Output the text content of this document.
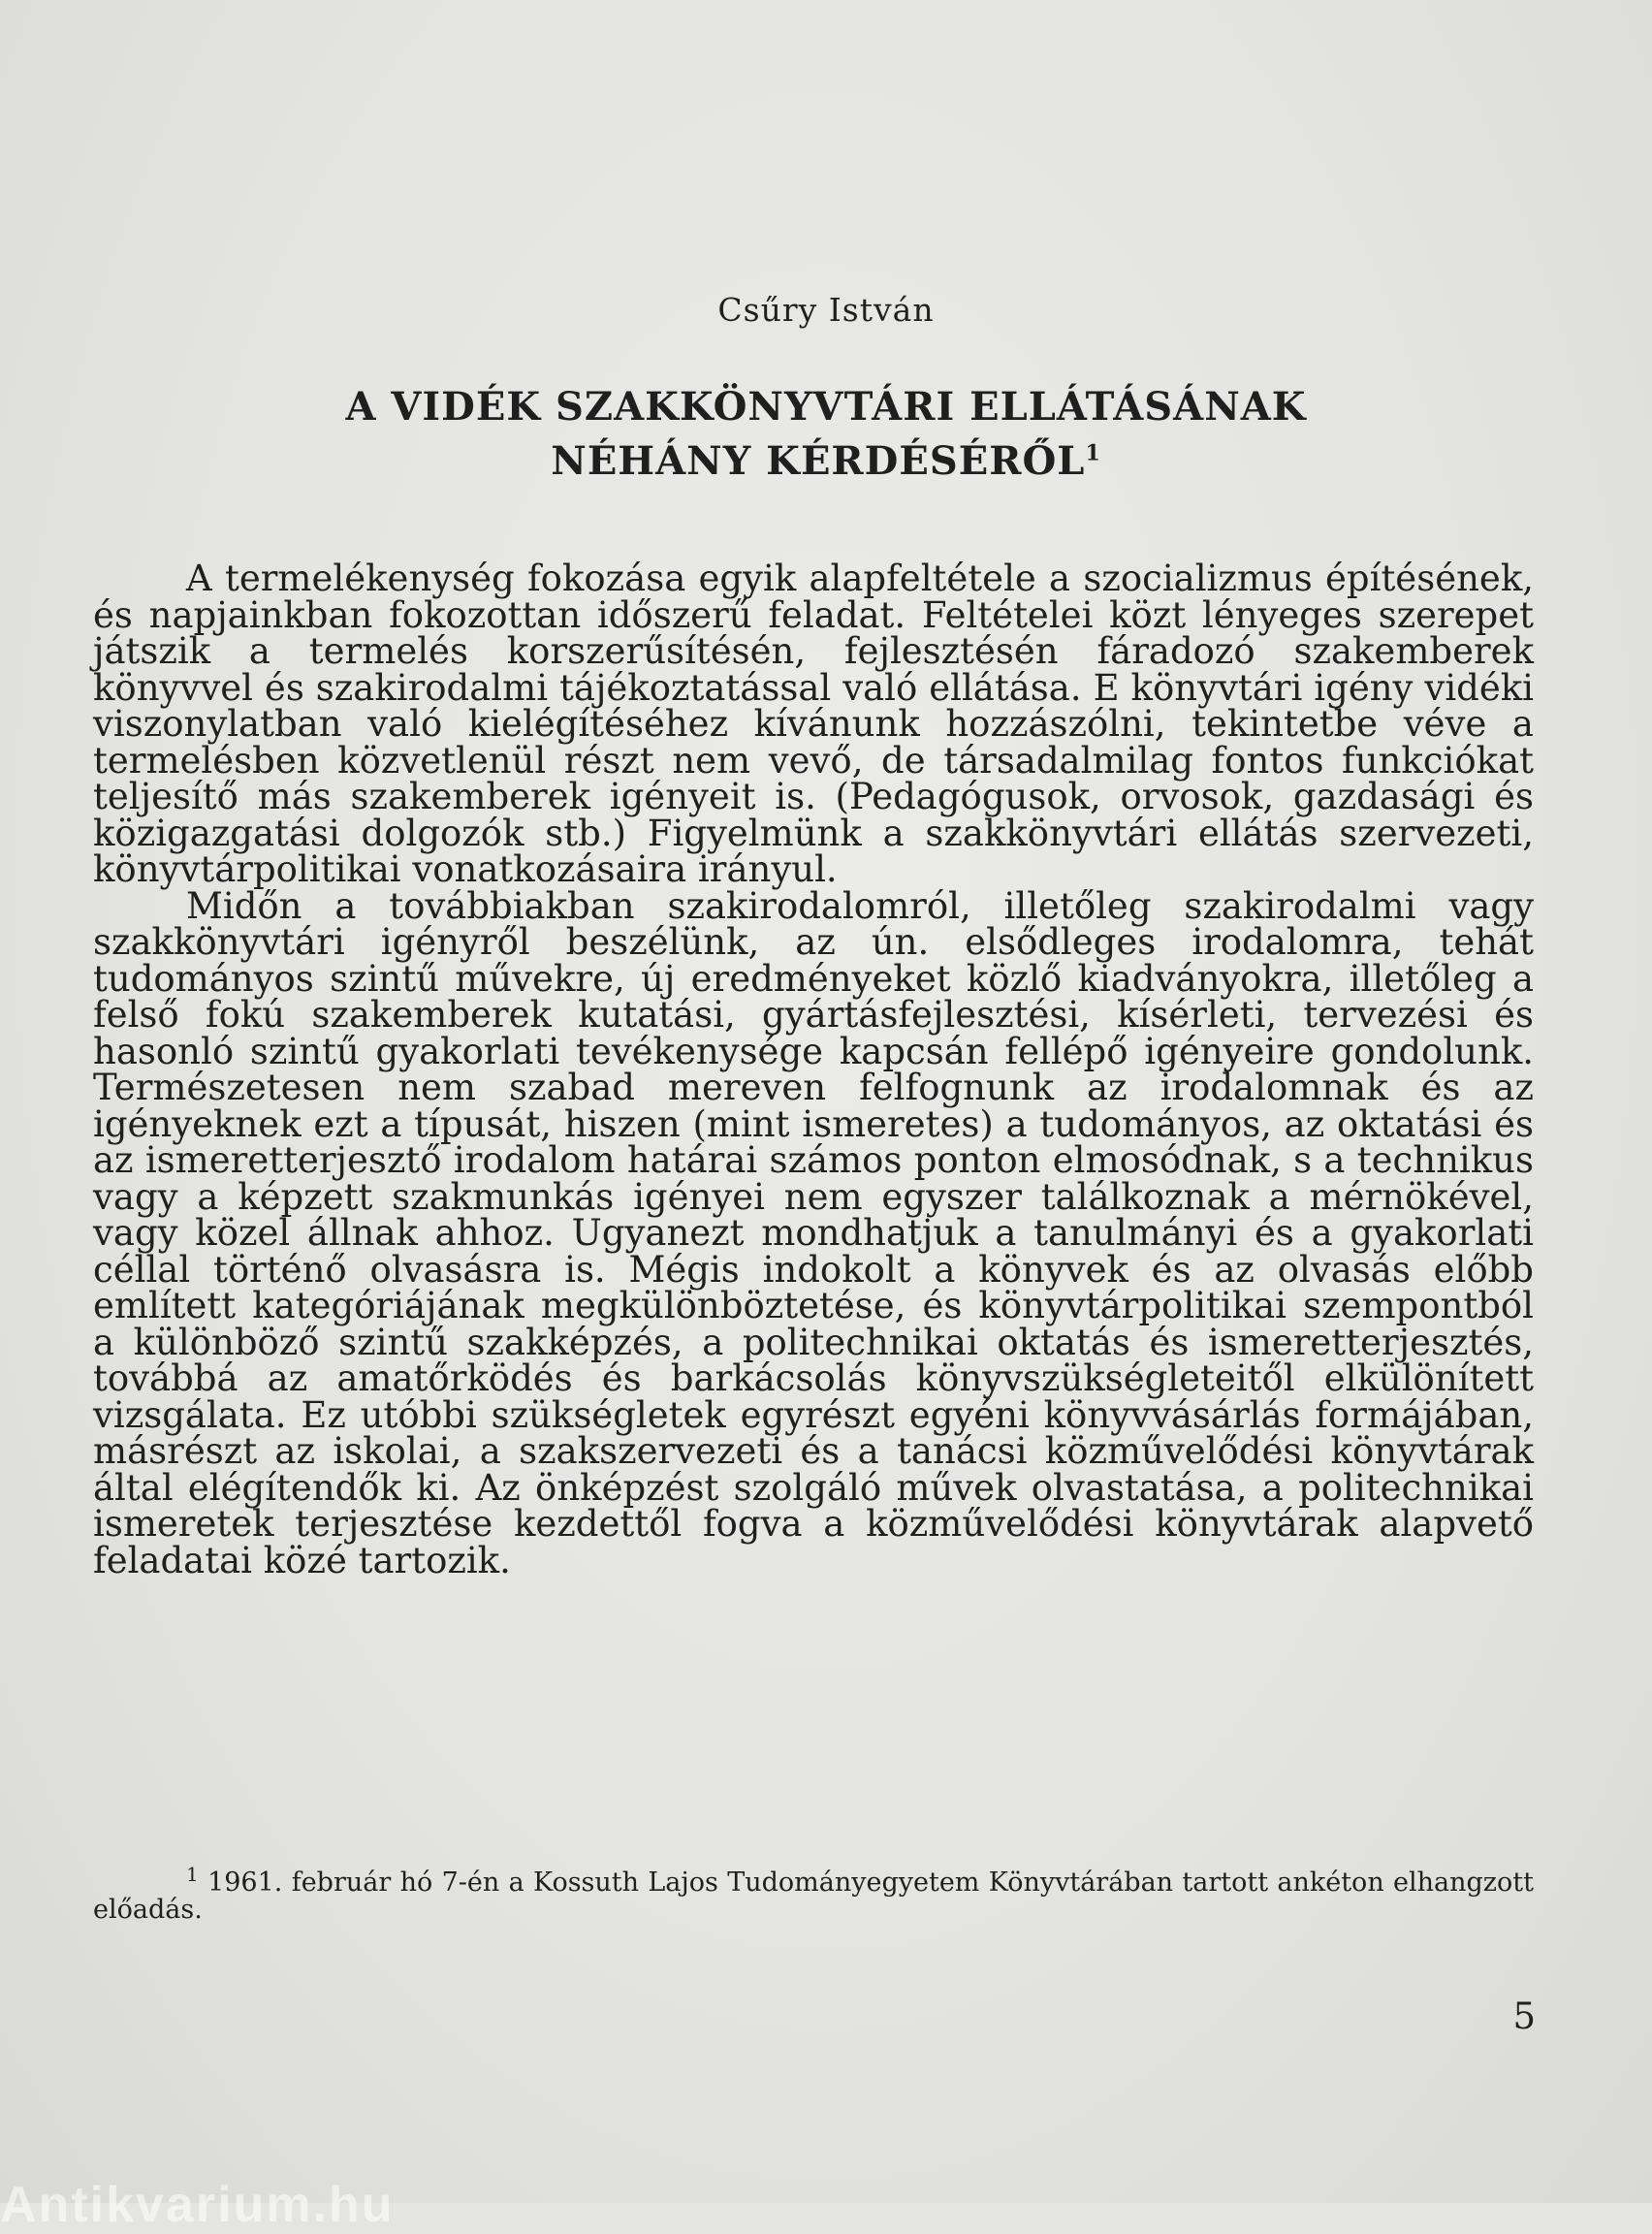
Csűry István
A VIDÉK SZAKKÖNYVTÁRI ELLÁTÁSÁNAK
NÉHÁNY KÉRDÉSÉRŐL$^1$

A termelékenység fokozása egyik alapfeltétele a szocializmus építésének, és napjainkban fokozottan időszerű feladat. Feltételei közt lényeges szerepet játszik a termelés korszerűsítésén, fejlesztésén fáradozó szakemberek könyvvel és szakirodalmi tájékoztatással való ellátása. E könyvtári igény vidéki viszonylatban való kielégítéséhez kívánunk hozzászólni, tekintetbe véve a termelésben közvetlenül részt nem vevő, de társadalmilag fontos funkciókat teljesítő más szakemberek igényeit is. (Pedagógusok, orvosok, gazdasági és közigazgatási dolgozók stb.) Figyelmünk a szakkönyvtári ellátás szervezeti, könyvtárpolitikai vonatkozásaira irányul.

Midőn a továbbiakban szakirodalomról, illetőleg szakirodalmi vagy szakkönyvtári igényről beszélünk, az ún. elsődleges irodalomra, tehát tudományos szintű művekre, új eredményeket közlő kiadványokra, illetőleg a felső fokú szakemberek kutatási, gyártásfejlesztési, kísérleti, tervezési és hasonló szintű gyakorlati tevékenysége kapcsán fellépő igényeire gondolunk. Természetesen nem szabad mereven felfognunk az irodalomnak és az igényeknek ezt a típusát, hiszen (mint ismeretes) a tudományos, az oktatási és az ismeretterjesztő irodalom határai számos ponton elmosódnak, s a technikus vagy a képzett szakmunkás igényei nem egyszer találkoznak a mérnökével, vagy közel állnak ahhoz. Ugyanezt mondhatjuk a tanulmányi és a gyakorlati céllal történő olvasásra is. Mégis indokolt a könyvek és az olvasás előbb említett kategóriájának megkülönböztetése, és könyvtárpolitikai szempontból a különböző szintű szakképzés, a politechnikai oktatás és ismeretterjesztés, továbbá az amatőrködés és barkácsolás könyvszükségleteitől elkülönített vizsgálata. Ez utóbbi szükségletek egyrészt egyéni könyvvásárlás formájában, másrészt az iskolai, a szakszervezeti és a tanácsi közművelődési könyvtárak által elégítendők ki. Az önképzést szolgáló művek olvastatása, a politechnikai ismeretek terjesztése kezdettől fogva a közművelődési könyvtárak alapvető feladatai közé tartozik.

$^1$ 1961. február hó 7-én a Kossuth Lajos Tudományegyetem Könyvtárában tartott ankéton elhangzott előadás.
5
Antikvarium.hu
